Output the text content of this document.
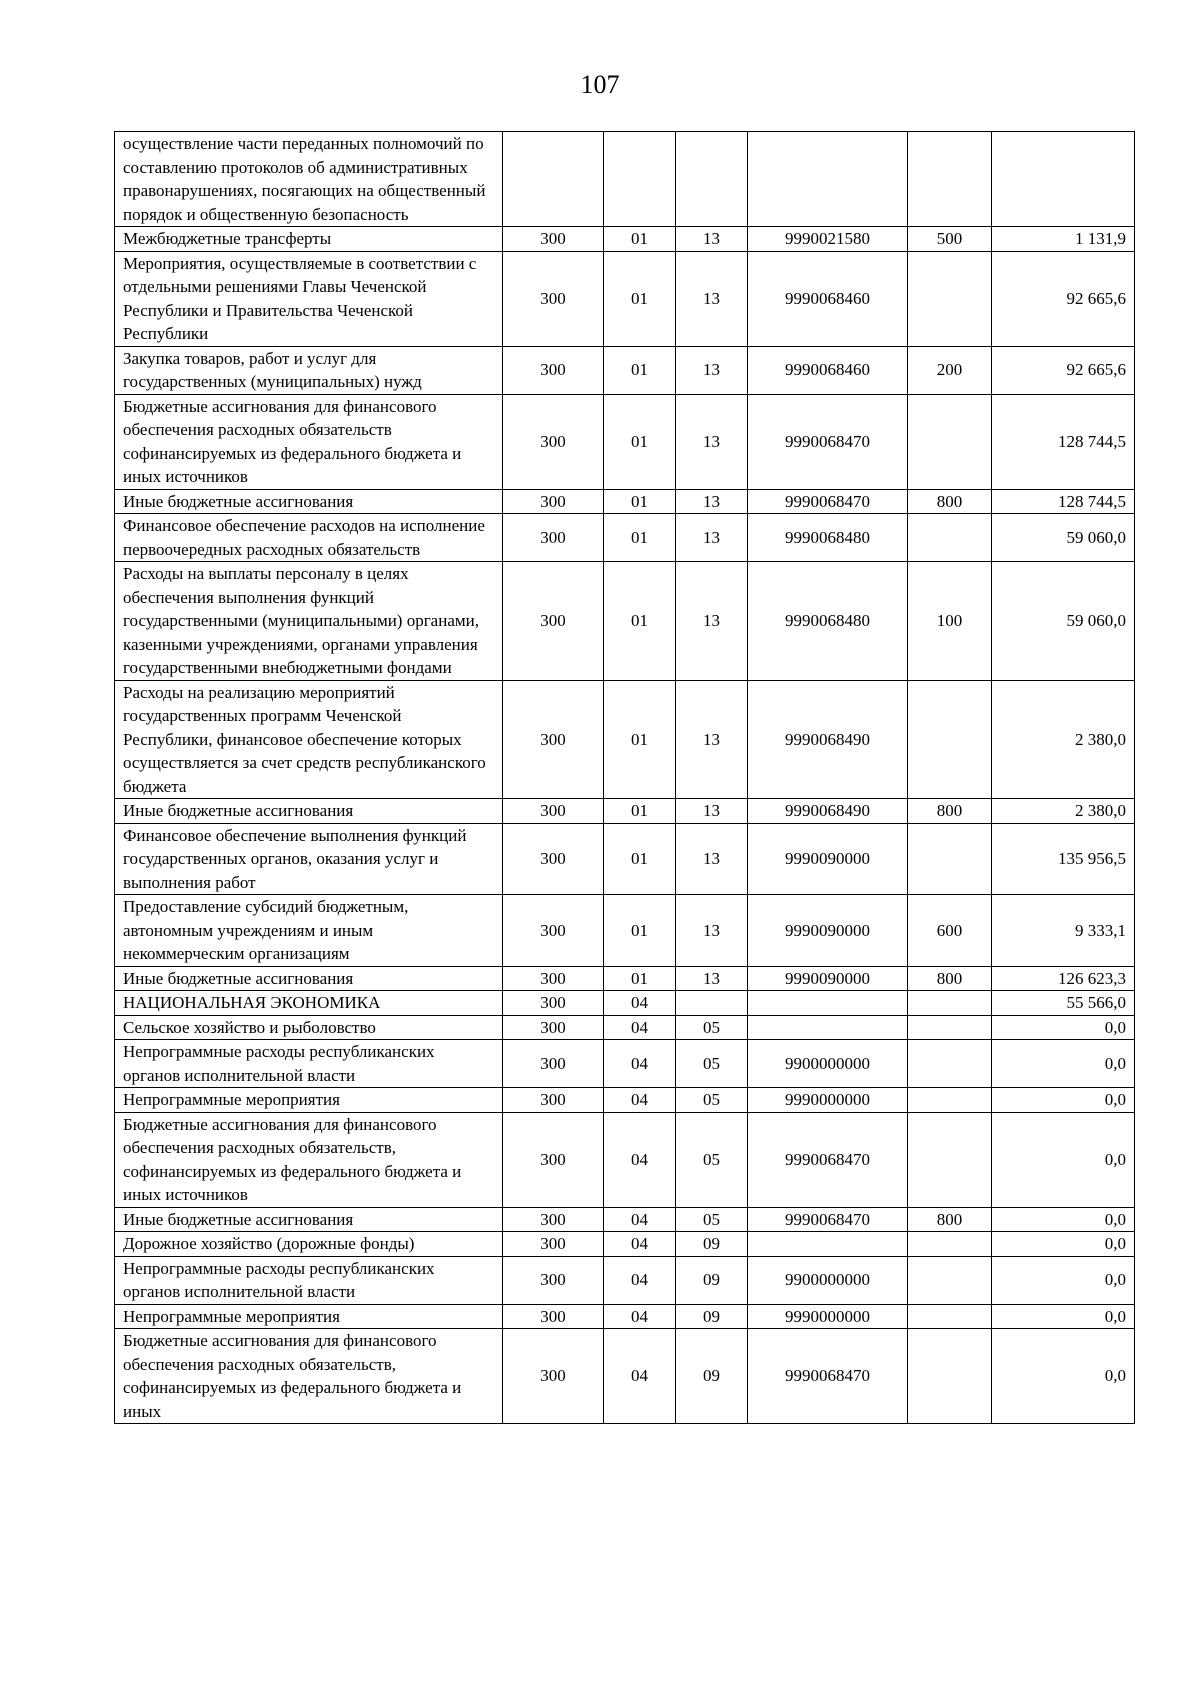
107
осуществление части переданных полномочий по составлению протоколов об административных правонарушениях, посягающих на общественный порядок и общественную безопасность						
Межбюджетные трансферты	300	01	13	9990021580	500	1 131,9
Мероприятия, осуществляемые в соответствии с отдельными решениями Главы Чеченской Республики и Правительства Чеченской Республики	300	01	13	9990068460		92 665,6
Закупка товаров, работ и услуг для государственных (муниципальных) нужд	300	01	13	9990068460	200	92 665,6
Бюджетные ассигнования для финансового обеспечения расходных обязательств софинансируемых из федерального бюджета и иных источников	300	01	13	9990068470		128 744,5
Иные бюджетные ассигнования	300	01	13	9990068470	800	128 744,5
Финансовое обеспечение расходов на исполнение первоочередных расходных обязательств	300	01	13	9990068480		59 060,0
Расходы на выплаты персоналу в целях обеспечения выполнения функций государственными (муниципальными) органами, казенными учреждениями, органами управления государственными внебюджетными фондами	300	01	13	9990068480	100	59 060,0
Расходы на реализацию мероприятий государственных программ Чеченской Республики, финансовое обеспечение которых осуществляется за счет средств республиканского бюджета	300	01	13	9990068490		2 380,0
Иные бюджетные ассигнования	300	01	13	9990068490	800	2 380,0
Финансовое обеспечение выполнения функций государственных органов, оказания услуг и выполнения работ	300	01	13	9990090000		135 956,5
Предоставление субсидий бюджетным, автономным учреждениям и иным некоммерческим организациям	300	01	13	9990090000	600	9 333,1
Иные бюджетные ассигнования	300	01	13	9990090000	800	126 623,3
НАЦИОНАЛЬНАЯ ЭКОНОМИКА	300	04				55 566,0
Сельское хозяйство и рыболовство	300	04	05			0,0
Непрограммные расходы республиканских органов исполнительной власти	300	04	05	9900000000		0,0
Непрограммные мероприятия	300	04	05	9990000000		0,0
Бюджетные ассигнования для финансового обеспечения расходных обязательств, софинансируемых из федерального бюджета и иных источников	300	04	05	9990068470		0,0
Иные бюджетные ассигнования	300	04	05	9990068470	800	0,0
Дорожное хозяйство (дорожные фонды)	300	04	09			0,0
Непрограммные расходы республиканских органов исполнительной власти	300	04	09	9900000000		0,0
Непрограммные мероприятия	300	04	09	9990000000		0,0
Бюджетные ассигнования для финансового обеспечения расходных обязательств, софинансируемых из федерального бюджета и иных	300	04	09	9990068470		0,0
